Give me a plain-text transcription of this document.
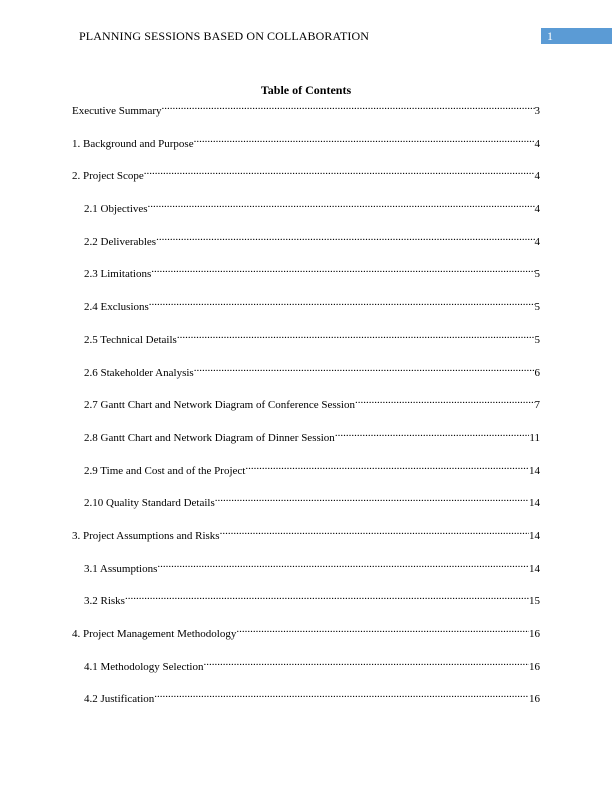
PLANNING SESSIONS BASED ON COLLABORATION	1
Table of Contents
Executive Summary .....	3
1. Background and Purpose .....	4
2. Project Scope .....	4
2.1 Objectives .....	4
2.2 Deliverables .....	4
2.3 Limitations .....	5
2.4 Exclusions .....	5
2.5 Technical Details .....	5
2.6 Stakeholder Analysis .....	6
2.7 Gantt Chart and Network Diagram of Conference Session .....	7
2.8 Gantt Chart and Network Diagram of Dinner Session .....	11
2.9 Time and Cost and of the Project .....	14
2.10 Quality Standard Details .....	14
3. Project Assumptions and Risks .....	14
3.1 Assumptions .....	14
3.2 Risks .....	15
4. Project Management Methodology .....	16
4.1 Methodology Selection .....	16
4.2 Justification .....	16
